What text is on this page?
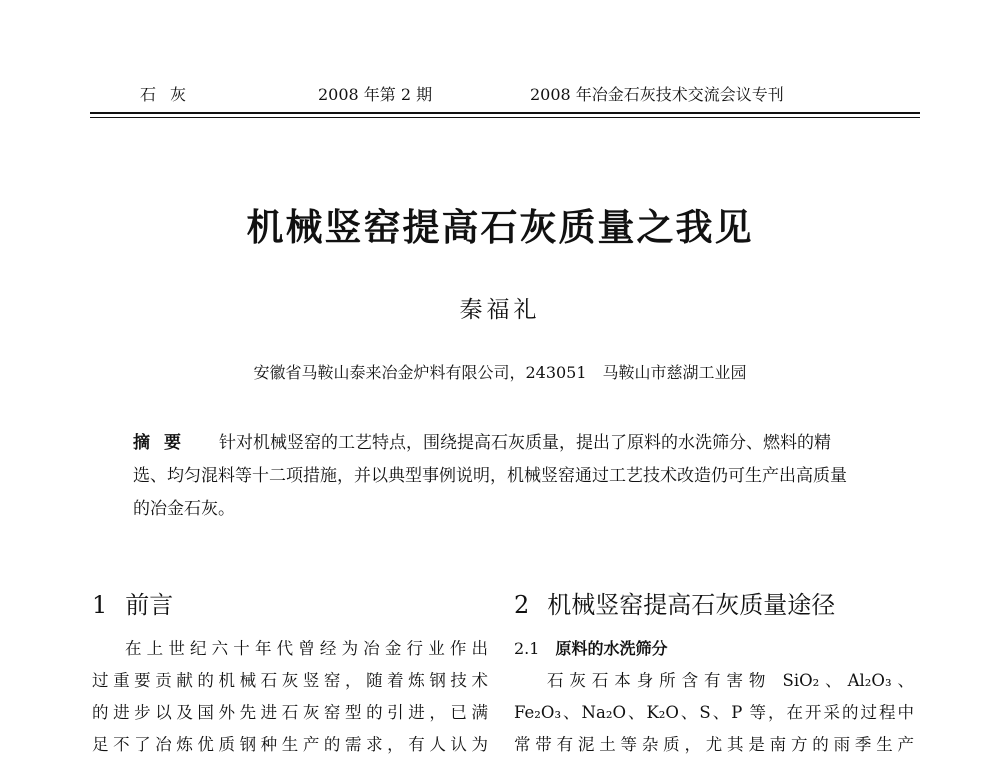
石灰	2008 年第 2 期	2008 年冶金石灰技术交流会议专刊
机械竖窑提高石灰质量之我见
秦福礼
安徽省马鞍山泰来冶金炉料有限公司，243051　马鞍山市慈湖工业园
摘要 针对机械竖窑的工艺特点，围绕提高石灰质量，提出了原料的水洗筛分、燃料的精选、均匀混料等十二项措施，并以典型事例说明，机械竖窑通过工艺技术改造仍可生产出高质量的冶金石灰。
1 前言
在上世纪六十年代曾经为冶金行业作出
过重要贡献的机械石灰竖窑，随着炼钢技术
的进步以及国外先进石灰窑型的引进，已满
足不了冶炼优质钢种生产的需求，有人认为
2 机械竖窑提高石灰质量途径
2.1 原料的水洗筛分
石灰石本身所含有害物 SiO₂、Al₂O₃、
Fe₂O₃、Na₂O、K₂O、S、P 等，在开采的过程中
常带有泥土等杂质，尤其是南方的雨季生产
